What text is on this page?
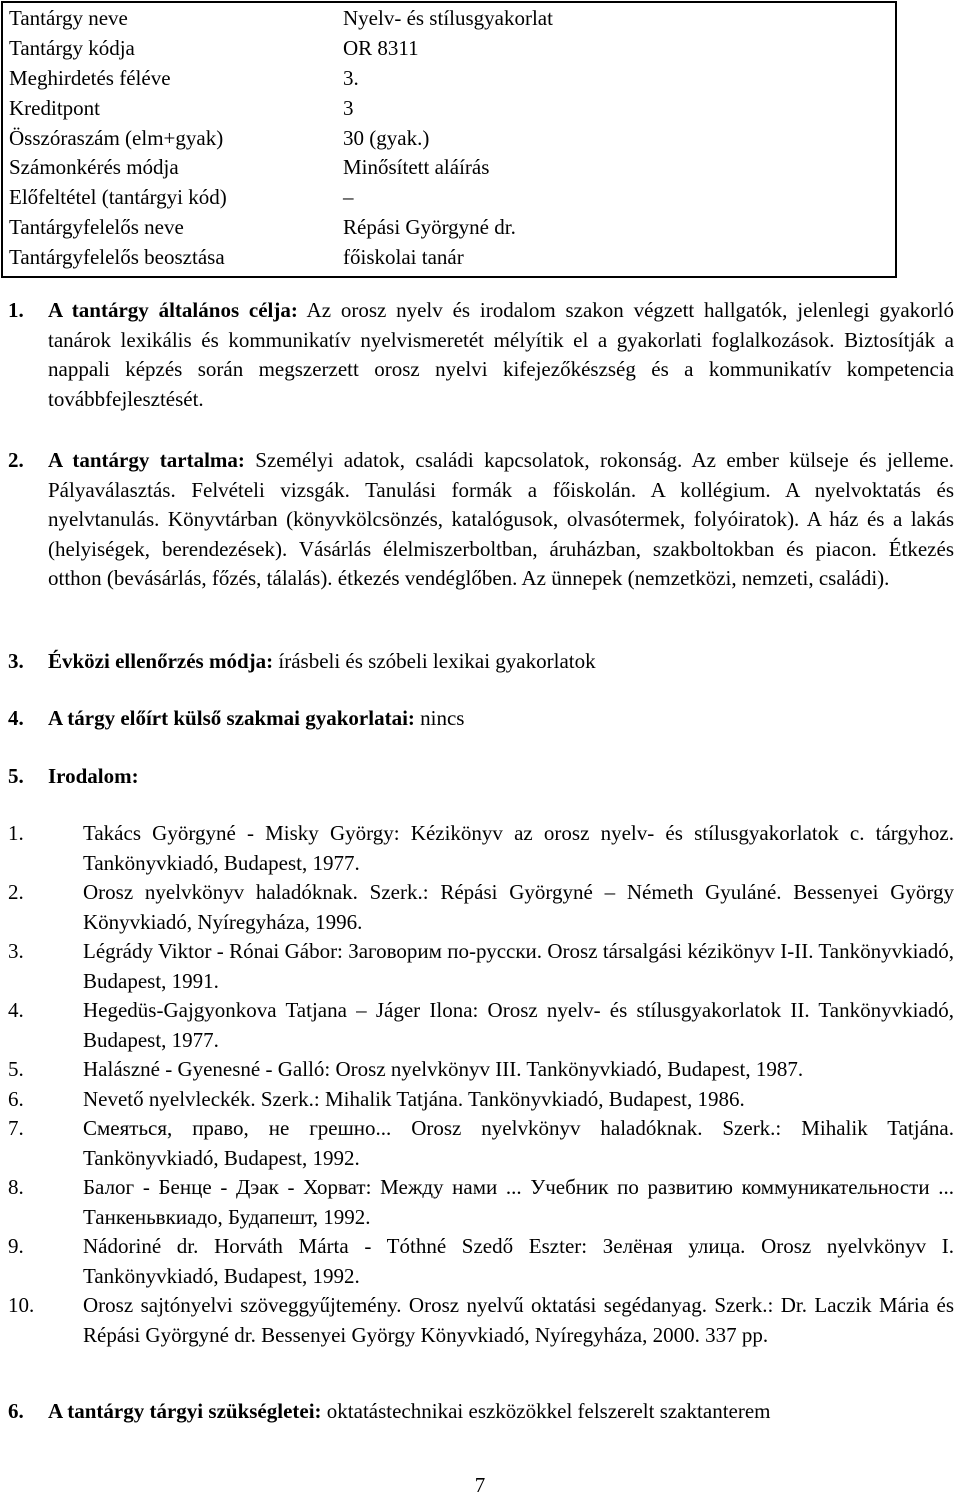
Tantárgy neve	Nyelv- és stílusgyakorlat
Tantárgy kódja	OR 8311
Meghirdetés féléve	3.
Kreditpont	3
Összóraszám (elm+gyak)	30 (gyak.)
Számonkérés módja	Minősített aláírás
Előfeltétel (tantárgyi kód)	–
Tantárgyfelelős neve	Répási Györgyné dr.
Tantárgyfelelős beosztása	főiskolai tanár
1.	A tantárgy általános célja: Az orosz nyelv és irodalom szakon végzett hallgatók, jelenlegi gyakorló tanárok lexikális és kommunikatív nyelvismeretét mélyítik el a gyakorlati foglalkozások. Biztosítják a nappali képzés során megszerzett orosz nyelvi kifejezőkészség és a kommunikatív kompetencia továbbfejlesztését.
2.	A tantárgy tartalma: Személyi adatok, családi kapcsolatok, rokonság. Az ember külseje és jelleme. Pályaválasztás. Felvételi vizsgák. Tanulási formák a főiskolán. A kollégium. A nyelvoktatás és nyelvtanulás. Könyvtárban (könyvkölcsönzés, katalógusok, olvasótermek, folyóiratok). A ház és a lakás (helyiségek, berendezések). Vásárlás élelmiszerboltban, áruházban, szakboltokban és piacon. Étkezés otthon (bevásárlás, főzés, tálalás). étkezés vendéglőben. Az ünnepek (nemzetközi, nemzeti, családi).
3.	Évközi ellenőrzés módja: írásbeli és szóbeli lexikai gyakorlatok
4.	A tárgy előírt külső szakmai gyakorlatai: nincs
5.	Irodalom:
1.	Takács Györgyné - Misky György: Kézikönyv az orosz nyelv- és stílusgyakorlatok c. tárgyhoz. Tankönyvkiadó, Budapest, 1977.
2.	Orosz nyelvkönyv haladóknak. Szerk.: Répási Györgyné – Németh Gyuláné. Bessenyei György Könyvkiadó, Nyíregyháza, 1996.
3.	Légrády Viktor - Rónai Gábor: Заговорим по-русски. Orosz társalgási kézikönyv I-II. Tankönyvkiadó, Budapest, 1991.
4.	Hegedüs-Gajgyonkova Tatjana – Jáger Ilona: Orosz nyelv- és stílusgyakorlatok II. Tankönyvkiadó, Budapest, 1977.
5.	Halászné - Gyenesné - Galló: Orosz nyelvkönyv III. Tankönyvkiadó, Budapest, 1987.
6.	Nevető nyelvleckék. Szerk.: Mihalik Tatjána. Tankönyvkiadó, Budapest, 1986.
7.	Смеяться, право, не грешно... Orosz nyelvkönyv haladóknak. Szerk.: Mihalik Tatjána. Tankönyvkiadó, Budapest, 1992.
8.	Балог - Бенце - Дэак - Хорват: Между нами ... Учебник по развитию коммуникательности ... Танкеньвкиадо, Будапешт, 1992.
9.	Nádoriné dr. Horváth Márta - Tóthné Szedő Eszter: Зелёная улица. Orosz nyelvkönyv I. Tankönyvkiadó, Budapest, 1992.
10.	Orosz sajtónyelvi szöveggyűjtemény. Orosz nyelvű oktatási segédanyag. Szerk.: Dr. Laczik Mária és Répási Györgyné dr. Bessenyei György Könyvkiadó, Nyíregyháza, 2000. 337 pp.
6.	A tantárgy tárgyi szükségletei: oktatástechnikai eszközökkel felszerelt szaktanterem
7
